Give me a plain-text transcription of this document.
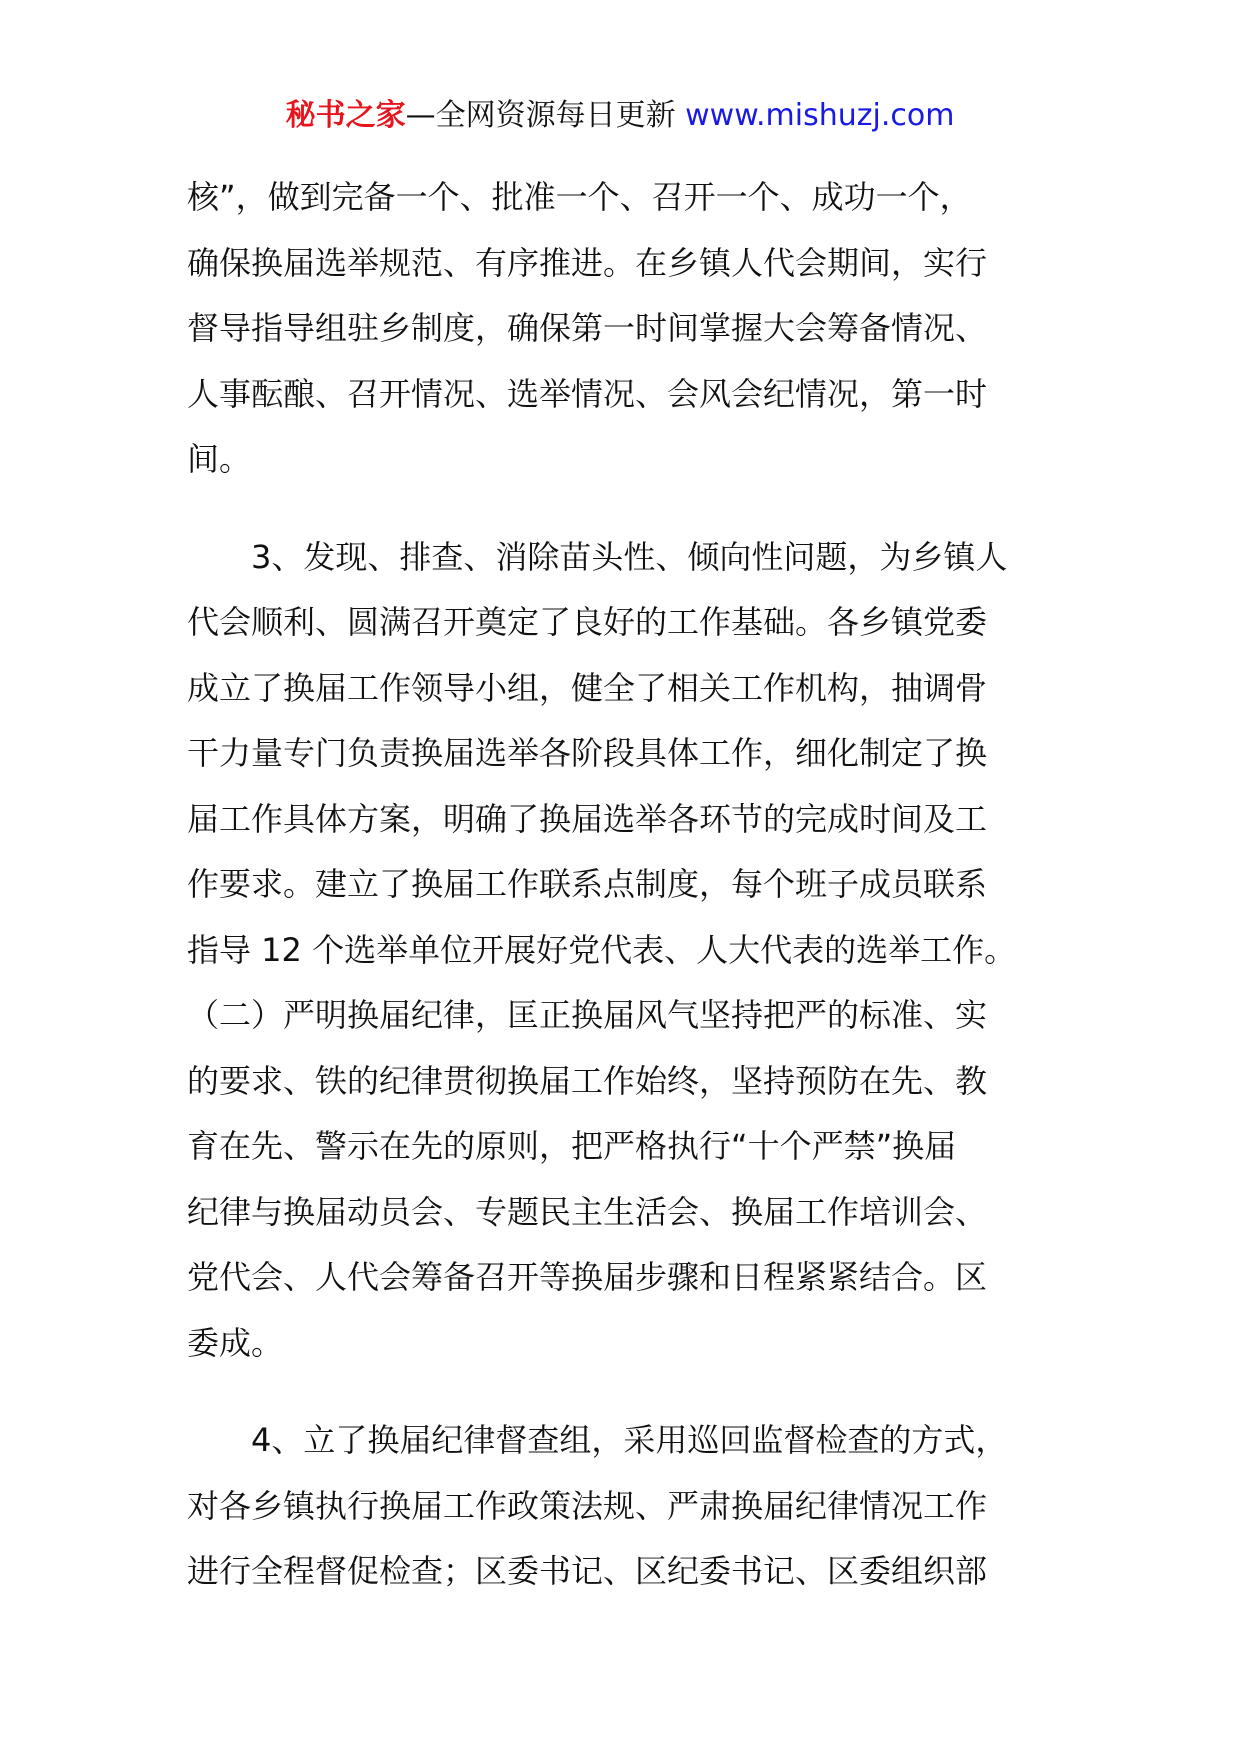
秘书之家—全网资源每日更新 www.mishuzj.com
核”，做到完备一个、批准一个、召开一个、成功一个，
确保换届选举规范、有序推进。在乡镇人代会期间，实行
督导指导组驻乡制度，确保第一时间掌握大会筹备情况、
人事酝酿、召开情况、选举情况、会风会纪情况，第一时
间。
3、发现、排查、消除苗头性、倾向性问题，为乡镇人
代会顺利、圆满召开奠定了良好的工作基础。各乡镇党委
成立了换届工作领导小组，健全了相关工作机构，抽调骨
干力量专门负责换届选举各阶段具体工作，细化制定了换
届工作具体方案，明确了换届选举各环节的完成时间及工
作要求。建立了换届工作联系点制度，每个班子成员联系
指导 12 个选举单位开展好党代表、人大代表的选举工作。
（二）严明换届纪律，匡正换届风气坚持把严的标准、实
的要求、铁的纪律贯彻换届工作始终，坚持预防在先、教
育在先、警示在先的原则，把严格执行“十个严禁”换届
纪律与换届动员会、专题民主生活会、换届工作培训会、
党代会、人代会筹备召开等换届步骤和日程紧紧结合。区
委成。
4、立了换届纪律督查组，采用巡回监督检查的方式，
对各乡镇执行换届工作政策法规、严肃换届纪律情况工作
进行全程督促检查；区委书记、区纪委书记、区委组织部
